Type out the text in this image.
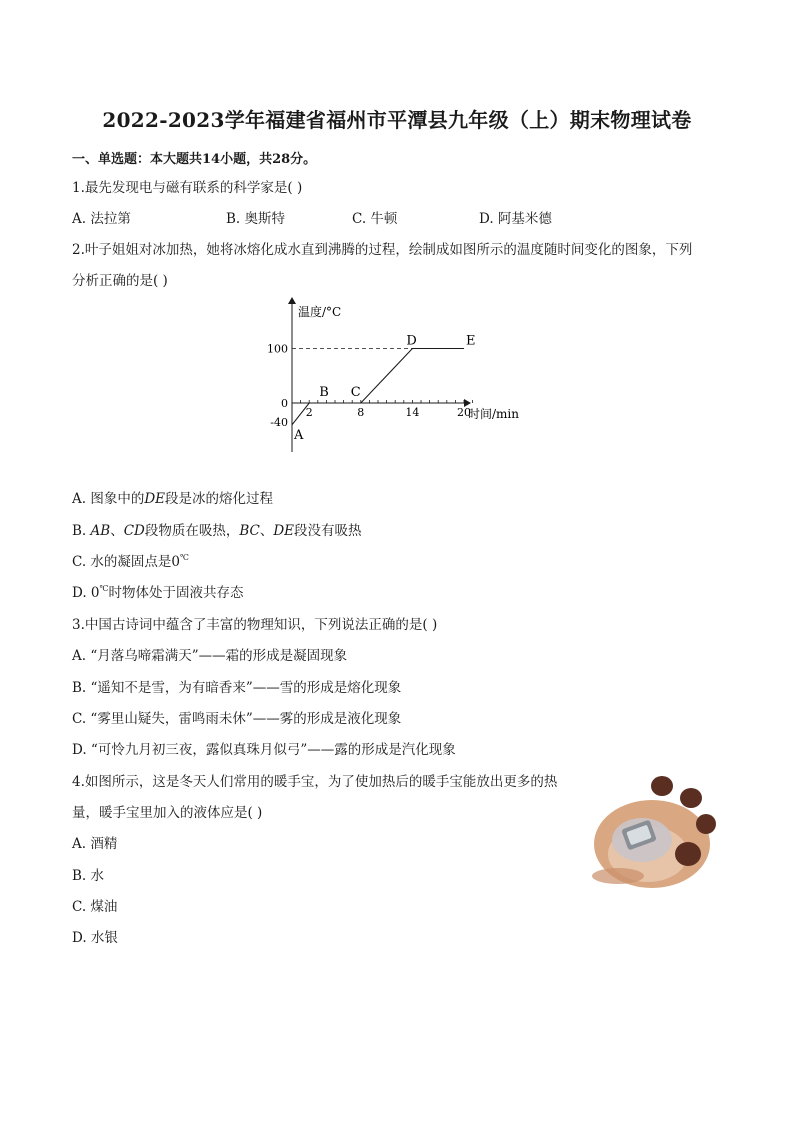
2022-2023学年福建省福州市平潭县九年级（上）期末物理试卷
一、单选题：本大题共14小题，共28分。
1.最先发现电与磁有联系的科学家是( )
A. 法拉第	B. 奥斯特	C. 牛顿	D. 阿基米德
2.叶子姐姐对冰加热，她将冰熔化成水直到沸腾的过程，绘制成如图所示的温度随时间变化的图象，下列
分析正确的是( )
A
B C
D	E
2	8	14	20
100
0
-40
温度/°C
时间/min
A. 图象中的DE段是冰的熔化过程
B. AB、CD段物质在吸热，BC、DE段没有吸热
C. 水的凝固点是0℃
D. 0℃时物体处于固液共存态
3.中国古诗词中蕴含了丰富的物理知识，下列说法正确的是( )
A. “月落乌啼霜满天”——霜的形成是凝固现象
B. “遥知不是雪，为有暗香来”——雪的形成是熔化现象
C. “雾里山疑失，雷鸣雨未休”——雾的形成是液化现象
D. “可怜九月初三夜，露似真珠月似弓”——露的形成是汽化现象
4.如图所示，这是冬天人们常用的暖手宝，为了使加热后的暖手宝能放出更多的热
量，暖手宝里加入的液体应是( )
A. 酒精
B. 水
C. 煤油
D. 水银
